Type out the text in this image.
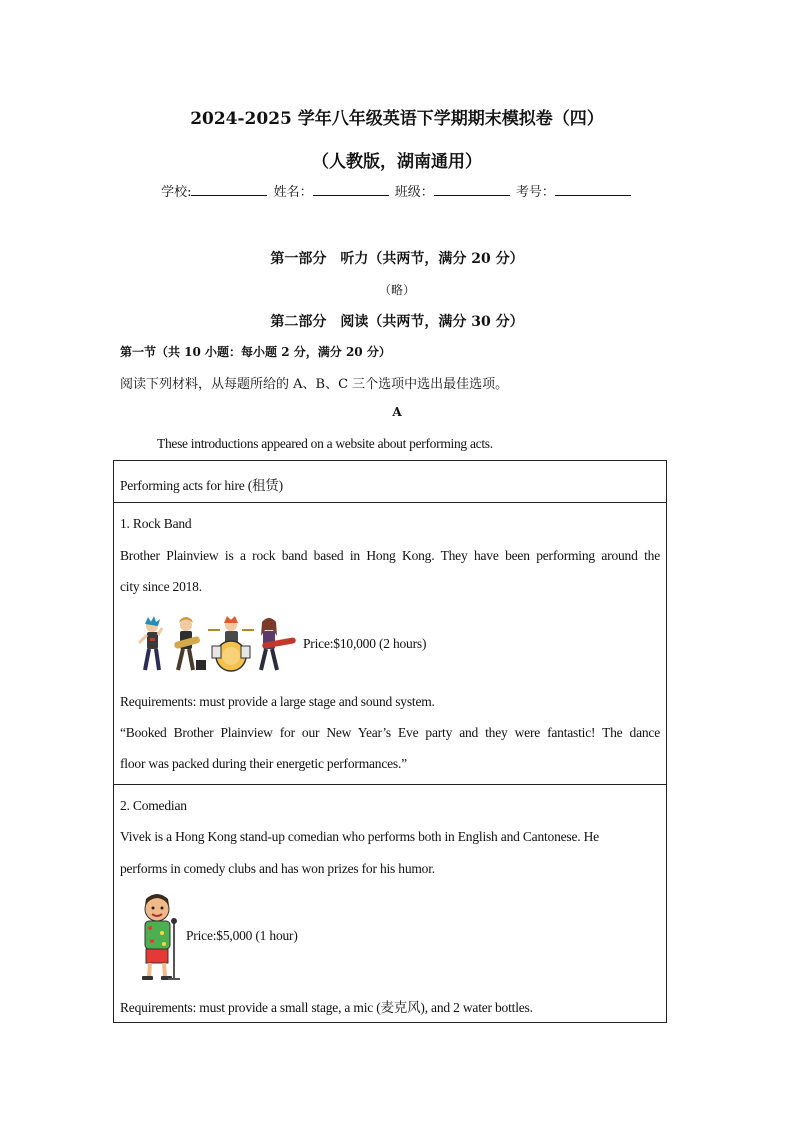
2024-2025 学年八年级英语下学期期末模拟卷（四）
（人教版，湖南通用）
学校:	姓名：	班级：	考号：
第一部分　听力（共两节，满分 20 分）
（略）
第二部分　阅读（共两节，满分 30 分）
第一节（共 10 小题：每小题 2 分，满分 20 分）
阅读下列材料，从每题所给的 A、B、C 三个选项中选出最佳选项。
A
These introductions appeared on a website about performing acts.
Performing acts for hire (租赁)
1. Rock Band
Brother Plainview is a rock band based in Hong Kong. They have been performing around the
city since 2018.
Price:$10,000 (2 hours)
Requirements: must provide a large stage and sound system.
“Booked Brother Plainview for our New Year’s Eve party and they were fantastic! The dance
floor was packed during their energetic performances.”
2. Comedian
Vivek is a Hong Kong stand-up comedian who performs both in English and Cantonese. He
performs in comedy clubs and has won prizes for his humor.
Price:$5,000 (1 hour)
Requirements: must provide a small stage, a mic (麦克风), and 2 water bottles.
